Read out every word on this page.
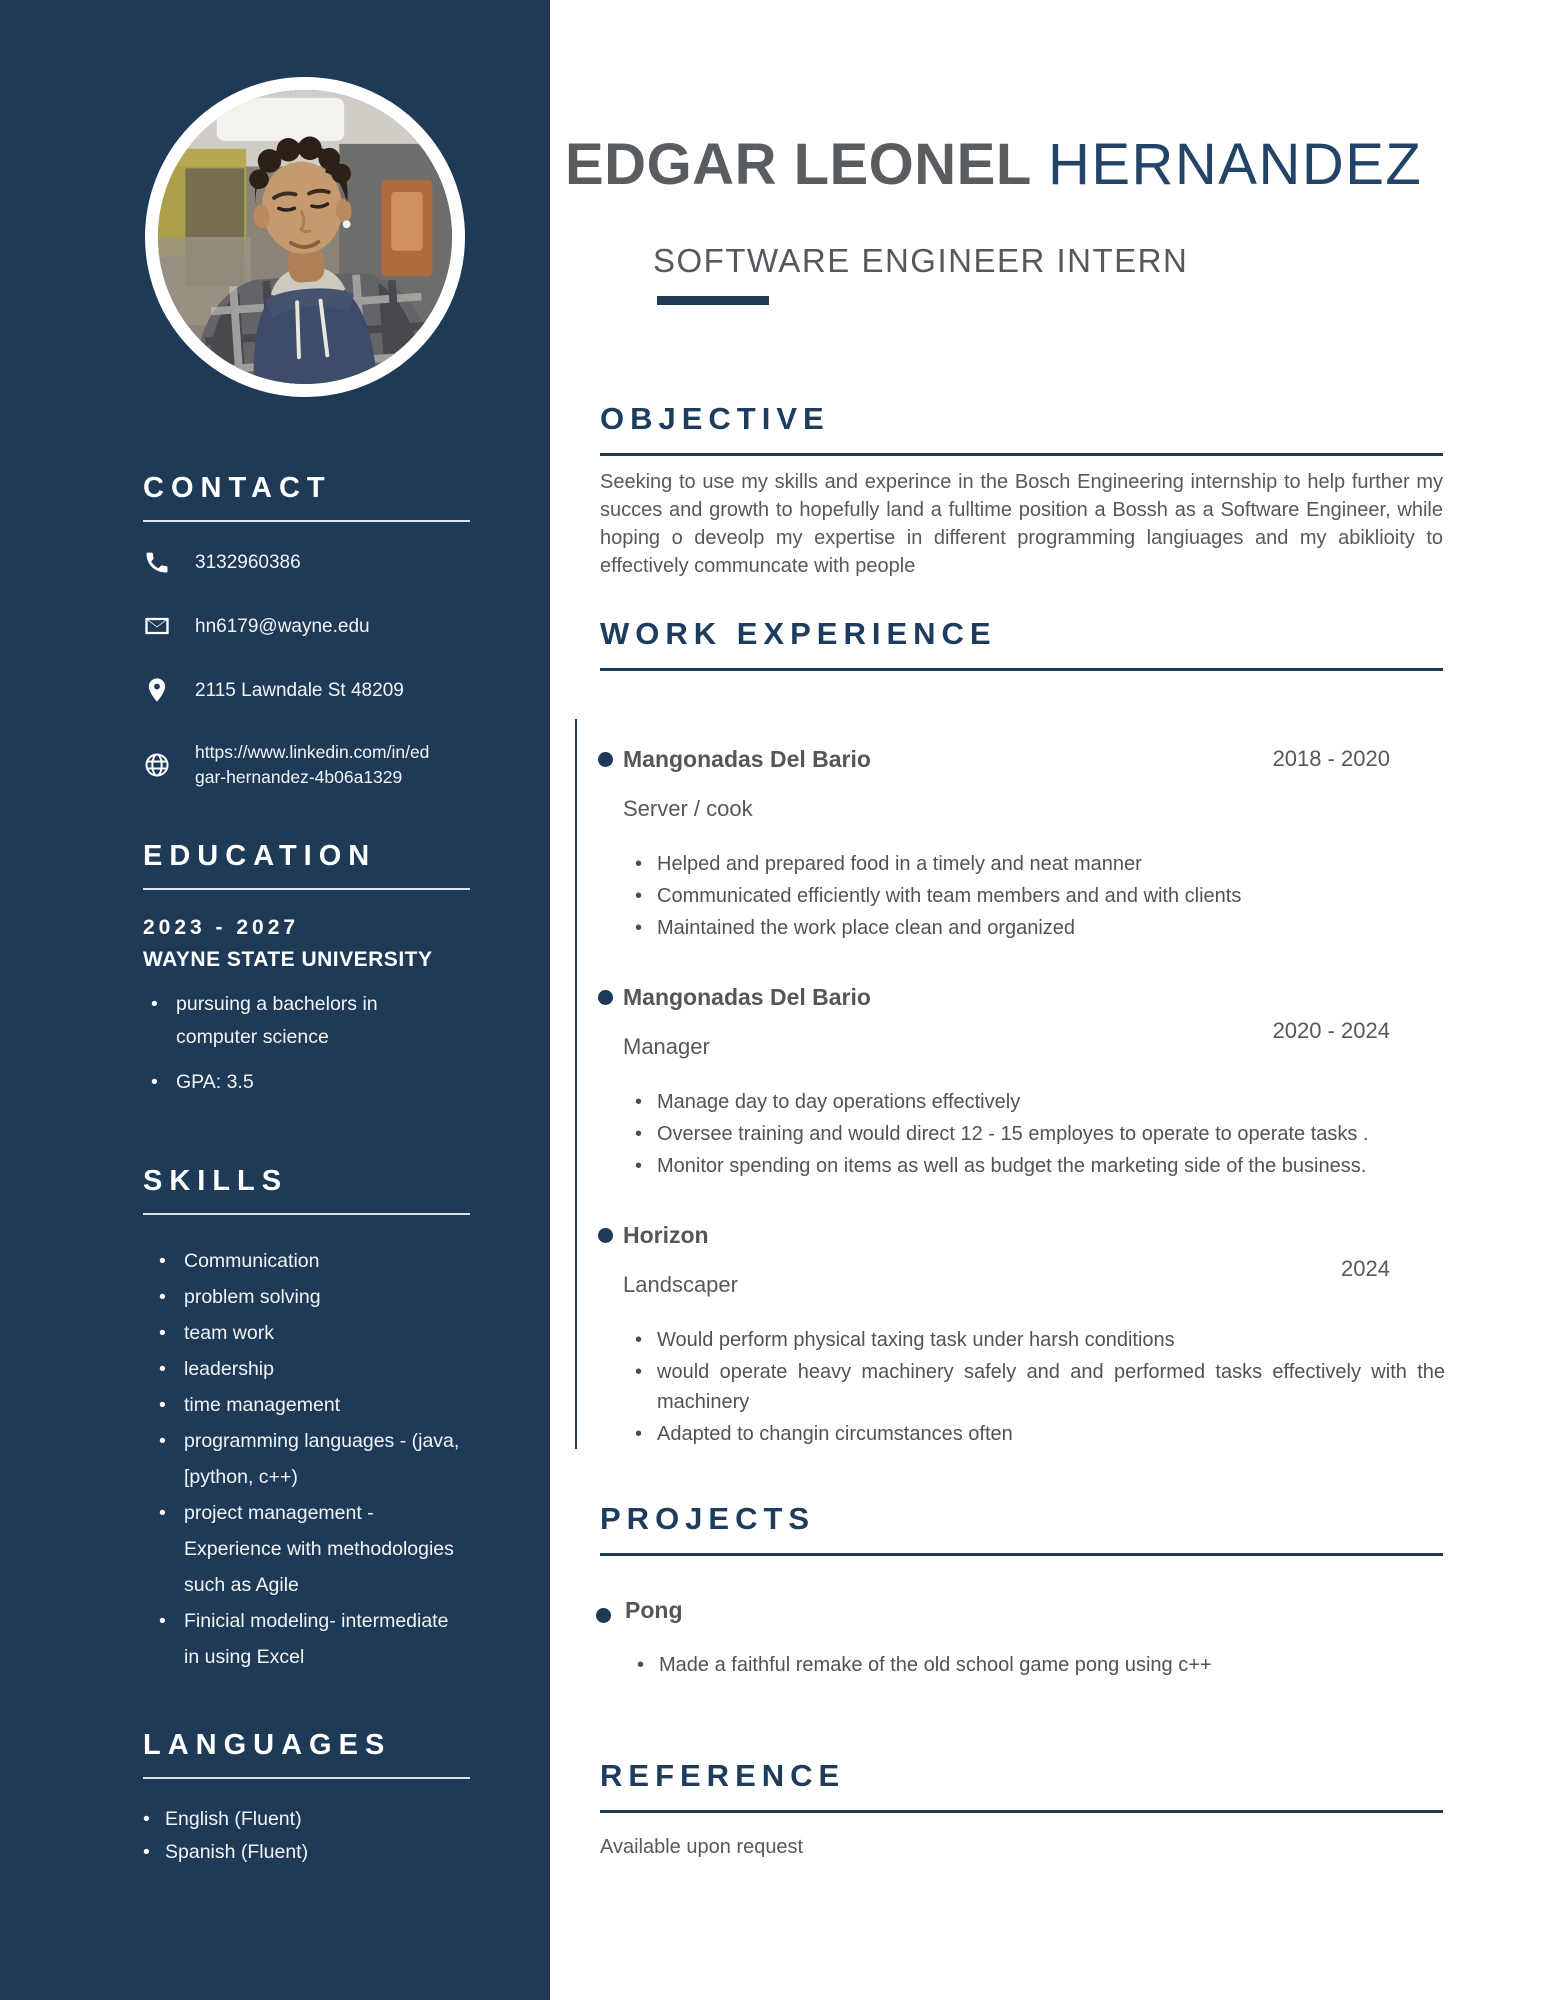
CONTACT
3132960386
hn6179@wayne.edu
2115 Lawndale St 48209
https://www.linkedin.com/in/edgar-hernandez-4b06a1329
EDUCATION
2023 - 2027
WAYNE STATE UNIVERSITY
• pursuing a bachelors in computer science
• GPA: 3.5
SKILLS
• Communication
• problem solving
• team work
• leadership
• time management
• programming languages - (java, [python, c++)
• project management - Experience with methodologies such as Agile
• Finicial modeling- intermediate in using Excel
LANGUAGES
• English (Fluent)
• Spanish (Fluent)
EDGAR LEONEL HERNANDEZ
SOFTWARE ENGINEER INTERN
OBJECTIVE

Seeking to use my skills and experince in the Bosch Engineering internship to help further my succes and growth to hopefully land a fulltime position a Bossh as a Software Engineer, while hoping o deveolp my expertise in different programming langiuages and my abiklioity to effectively communcate with people

WORK EXPERIENCE
Mangonadas Del Bario	2018 - 2020
Server / cook
• Helped and prepared food in a timely and neat manner
• Communicated efficiently with team members and and with clients
• Maintained the work place clean and organized
Mangonadas Del Bario
2020 - 2024
Manager
• Manage day to day operations effectively
• Oversee training and would direct 12 - 15 employes to operate to operate tasks .
• Monitor spending on items as well as budget the marketing side of the business.
Horizon
2024
Landscaper
• Would perform physical taxing task under harsh conditions
• would operate heavy machinery safely and and performed tasks effectively with the machinery
• Adapted to changin circumstances often
PROJECTS
Pong
• Made a faithful remake of the old school game pong using c++
REFERENCE

Available upon request
